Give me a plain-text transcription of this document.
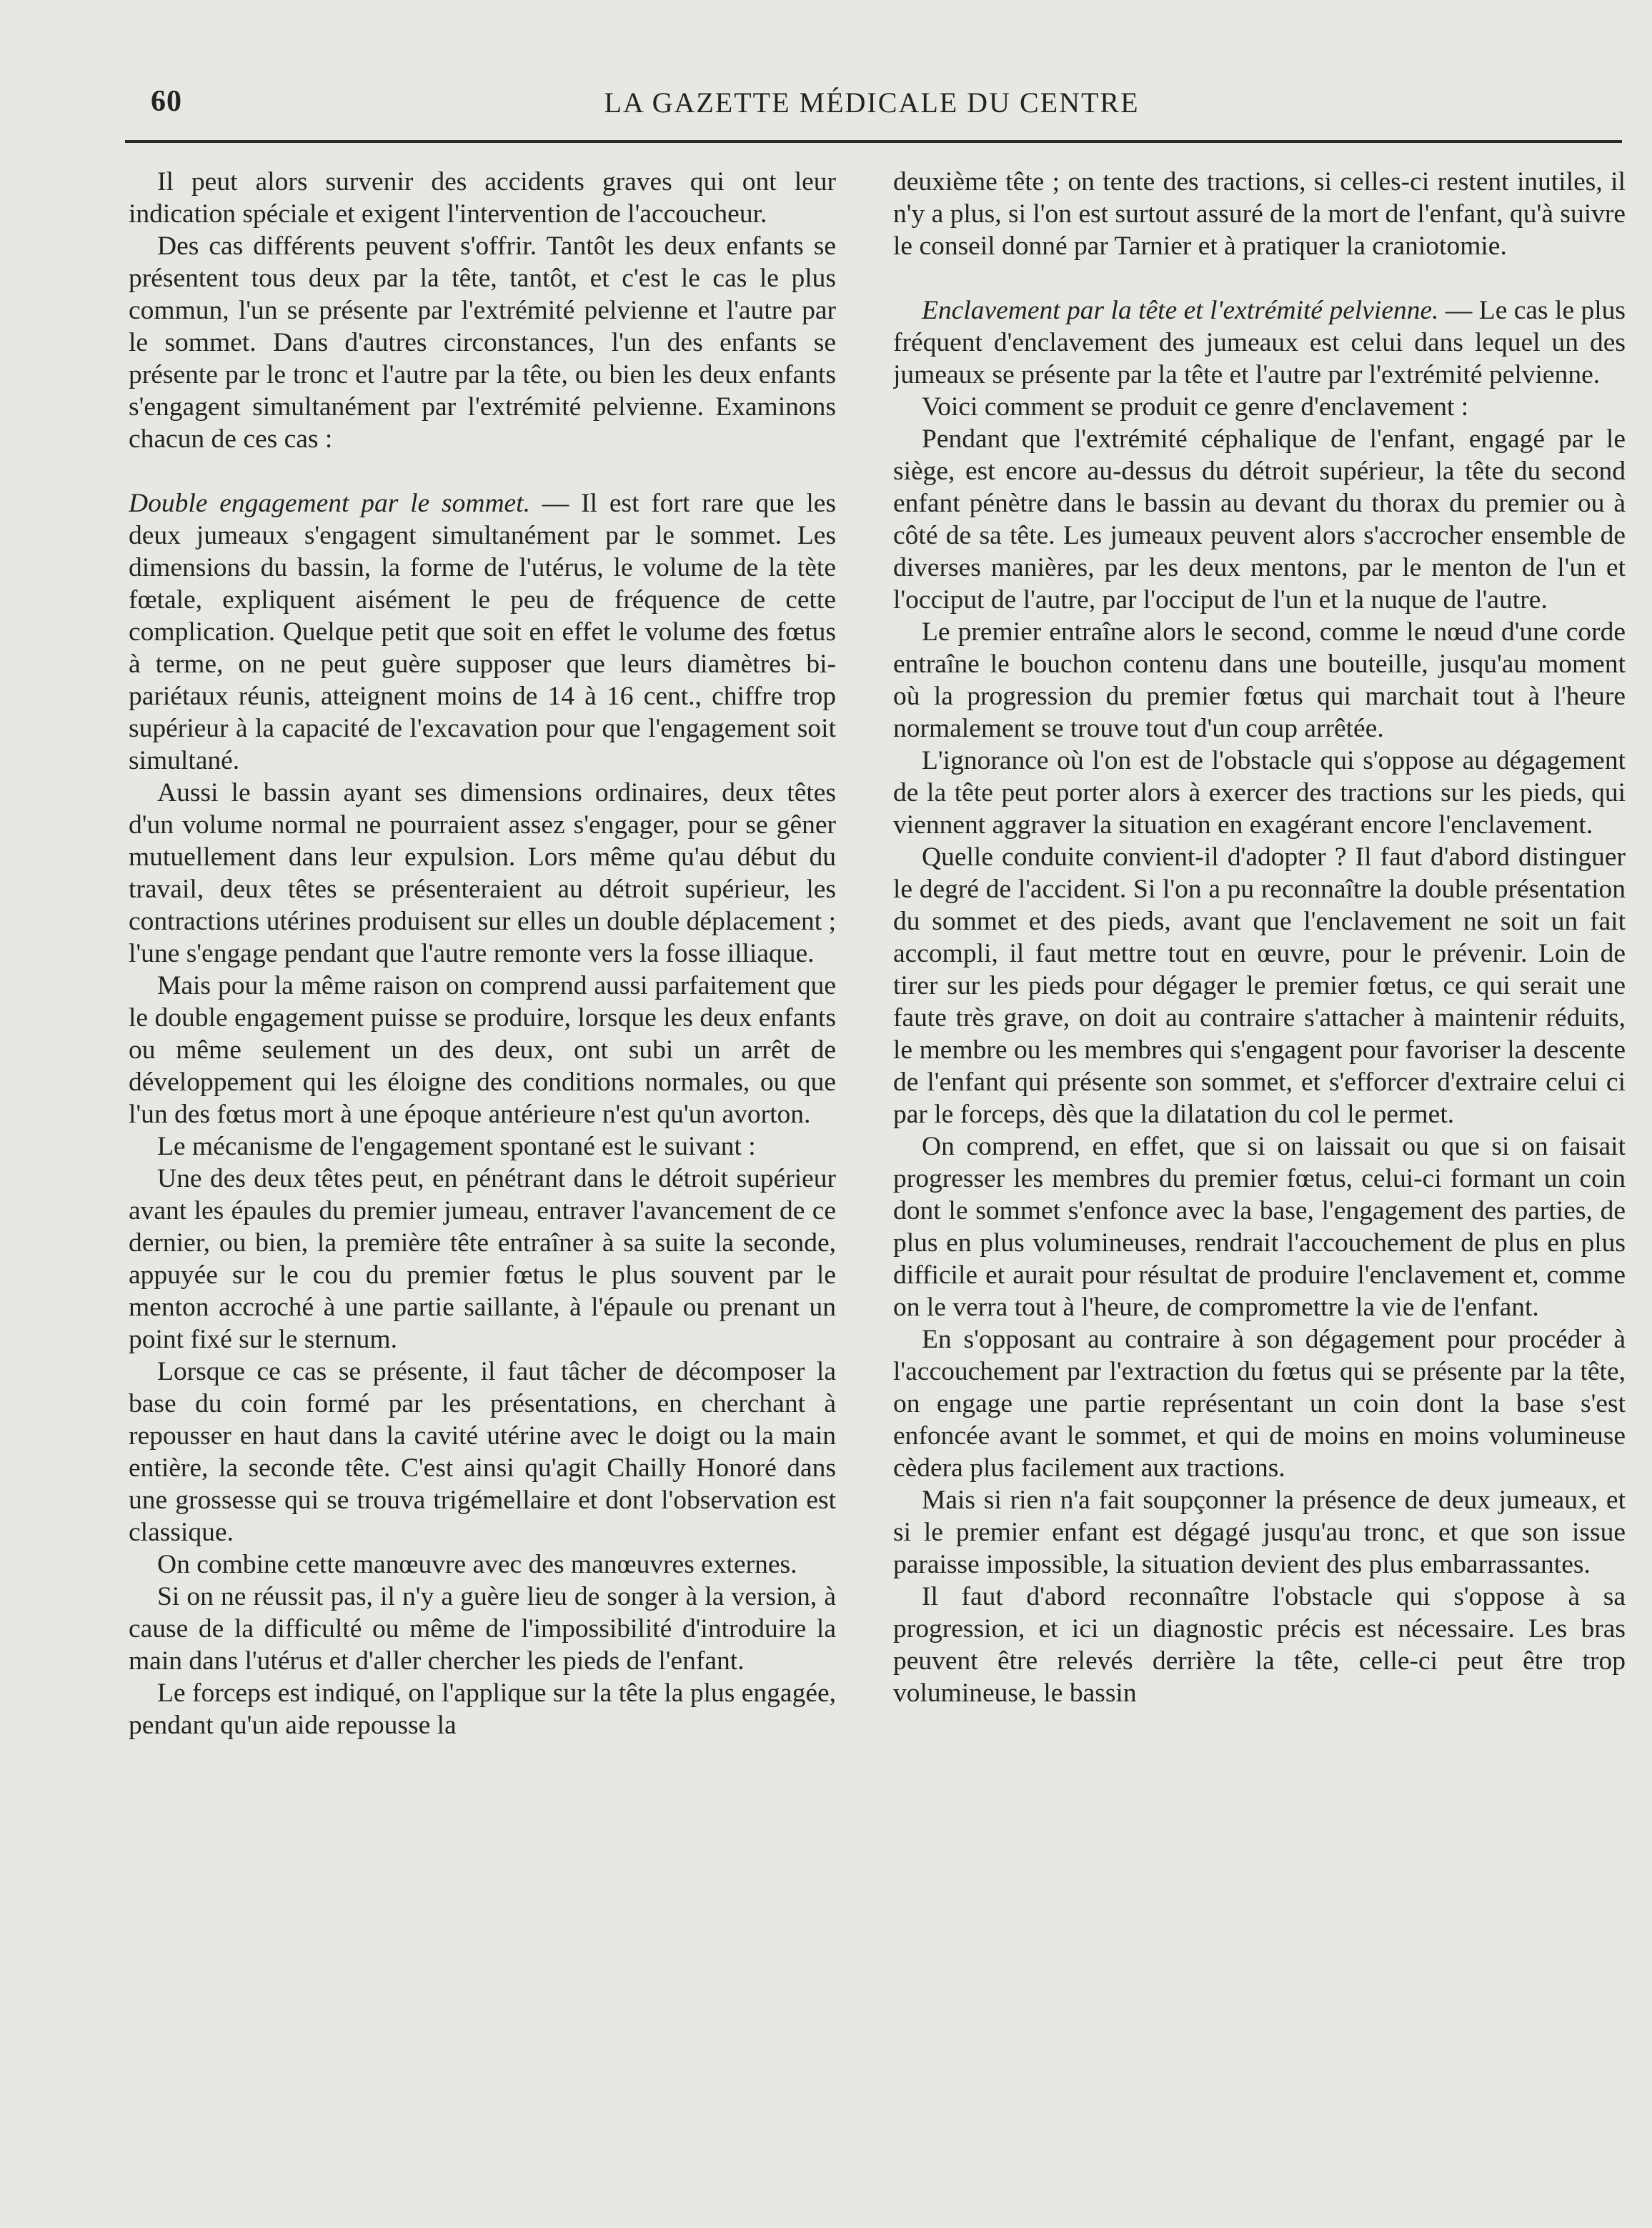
60	LA GAZETTE MÉDICALE DU CENTRE

Il peut alors survenir des accidents graves qui ont leur indication spéciale et exigent l'intervention de l'accoucheur.

Des cas différents peuvent s'offrir. Tantôt les deux enfants se présentent tous deux par la tête, tantôt, et c'est le cas le plus commun, l'un se présente par l'extrémité pelvienne et l'autre par le sommet. Dans d'autres circonstances, l'un des enfants se présente par le tronc et l'autre par la tête, ou bien les deux enfants s'engagent simultanément par l'extrémité pelvienne. Examinons chacun de ces cas :

Double engagement par le sommet. — Il est fort rare que les deux jumeaux s'engagent simultanément par le sommet. Les dimensions du bassin, la forme de l'utérus, le volume de la tète fœtale, expliquent aisément le peu de fréquence de cette complication. Quelque petit que soit en effet le volume des fœtus à terme, on ne peut guère supposer que leurs diamètres bi-pariétaux réunis, atteignent moins de 14 à 16 cent., chiffre trop supérieur à la capacité de l'excavation pour que l'engagement soit simultané.

Aussi le bassin ayant ses dimensions ordinaires, deux têtes d'un volume normal ne pourraient assez s'engager, pour se gêner mutuellement dans leur expulsion. Lors même qu'au début du travail, deux têtes se présenteraient au détroit supérieur, les contractions utérines produisent sur elles un double déplacement ; l'une s'engage pendant que l'autre remonte vers la fosse illiaque.

Mais pour la même raison on comprend aussi parfaitement que le double engagement puisse se produire, lorsque les deux enfants ou même seulement un des deux, ont subi un arrêt de développement qui les éloigne des conditions normales, ou que l'un des fœtus mort à une époque antérieure n'est qu'un avorton.

Le mécanisme de l'engagement spontané est le suivant :

Une des deux têtes peut, en pénétrant dans le détroit supérieur avant les épaules du premier jumeau, entraver l'avancement de ce dernier, ou bien, la première tête entraîner à sa suite la seconde, appuyée sur le cou du premier fœtus le plus souvent par le menton accroché à une partie saillante, à l'épaule ou prenant un point fixé sur le sternum.

Lorsque ce cas se présente, il faut tâcher de décomposer la base du coin formé par les présentations, en cherchant à repousser en haut dans la cavité utérine avec le doigt ou la main entière, la seconde tête. C'est ainsi qu'agit Chailly Honoré dans une grossesse qui se trouva trigémellaire et dont l'observation est classique.

On combine cette manœuvre avec des manœuvres externes.

Si on ne réussit pas, il n'y a guère lieu de songer à la version, à cause de la difficulté ou même de l'impossibilité d'introduire la main dans l'utérus et d'aller chercher les pieds de l'enfant.

Le forceps est indiqué, on l'applique sur la tête la plus engagée, pendant qu'un aide repousse la

deuxième tête ; on tente des tractions, si celles-ci restent inutiles, il n'y a plus, si l'on est surtout assuré de la mort de l'enfant, qu'à suivre le conseil donné par Tarnier et à pratiquer la craniotomie.

Enclavement par la tête et l'extrémité pelvienne. — Le cas le plus fréquent d'enclavement des jumeaux est celui dans lequel un des jumeaux se présente par la tête et l'autre par l'extrémité pelvienne.

Voici comment se produit ce genre d'enclavement :

Pendant que l'extrémité céphalique de l'enfant, engagé par le siège, est encore au-dessus du détroit supérieur, la tête du second enfant pénètre dans le bassin au devant du thorax du premier ou à côté de sa tête. Les jumeaux peuvent alors s'accrocher ensemble de diverses manières, par les deux mentons, par le menton de l'un et l'occiput de l'autre, par l'occiput de l'un et la nuque de l'autre.

Le premier entraîne alors le second, comme le nœud d'une corde entraîne le bouchon contenu dans une bouteille, jusqu'au moment où la progression du premier fœtus qui marchait tout à l'heure normalement se trouve tout d'un coup arrêtée.

L'ignorance où l'on est de l'obstacle qui s'oppose au dégagement de la tête peut porter alors à exercer des tractions sur les pieds, qui viennent aggraver la situation en exagérant encore l'enclavement.

Quelle conduite convient-il d'adopter ? Il faut d'abord distinguer le degré de l'accident. Si l'on a pu reconnaître la double présentation du sommet et des pieds, avant que l'enclavement ne soit un fait accompli, il faut mettre tout en œuvre, pour le prévenir. Loin de tirer sur les pieds pour dégager le premier fœtus, ce qui serait une faute très grave, on doit au contraire s'attacher à maintenir réduits, le membre ou les membres qui s'engagent pour favoriser la descente de l'enfant qui présente son sommet, et s'efforcer d'extraire celui ci par le forceps, dès que la dilatation du col le permet.

On comprend, en effet, que si on laissait ou que si on faisait progresser les membres du premier fœtus, celui-ci formant un coin dont le sommet s'enfonce avec la base, l'engagement des parties, de plus en plus volumineuses, rendrait l'accouchement de plus en plus difficile et aurait pour résultat de produire l'enclavement et, comme on le verra tout à l'heure, de compromettre la vie de l'enfant.

En s'opposant au contraire à son dégagement pour procéder à l'accouchement par l'extraction du fœtus qui se présente par la tête, on engage une partie représentant un coin dont la base s'est enfoncée avant le sommet, et qui de moins en moins volumineuse cèdera plus facilement aux tractions.

Mais si rien n'a fait soupçonner la présence de deux jumeaux, et si le premier enfant est dégagé jusqu'au tronc, et que son issue paraisse impossible, la situation devient des plus embarrassantes.

Il faut d'abord reconnaître l'obstacle qui s'oppose à sa progression, et ici un diagnostic précis est nécessaire. Les bras peuvent être relevés derrière la tête, celle-ci peut être trop volumineuse, le bassin
